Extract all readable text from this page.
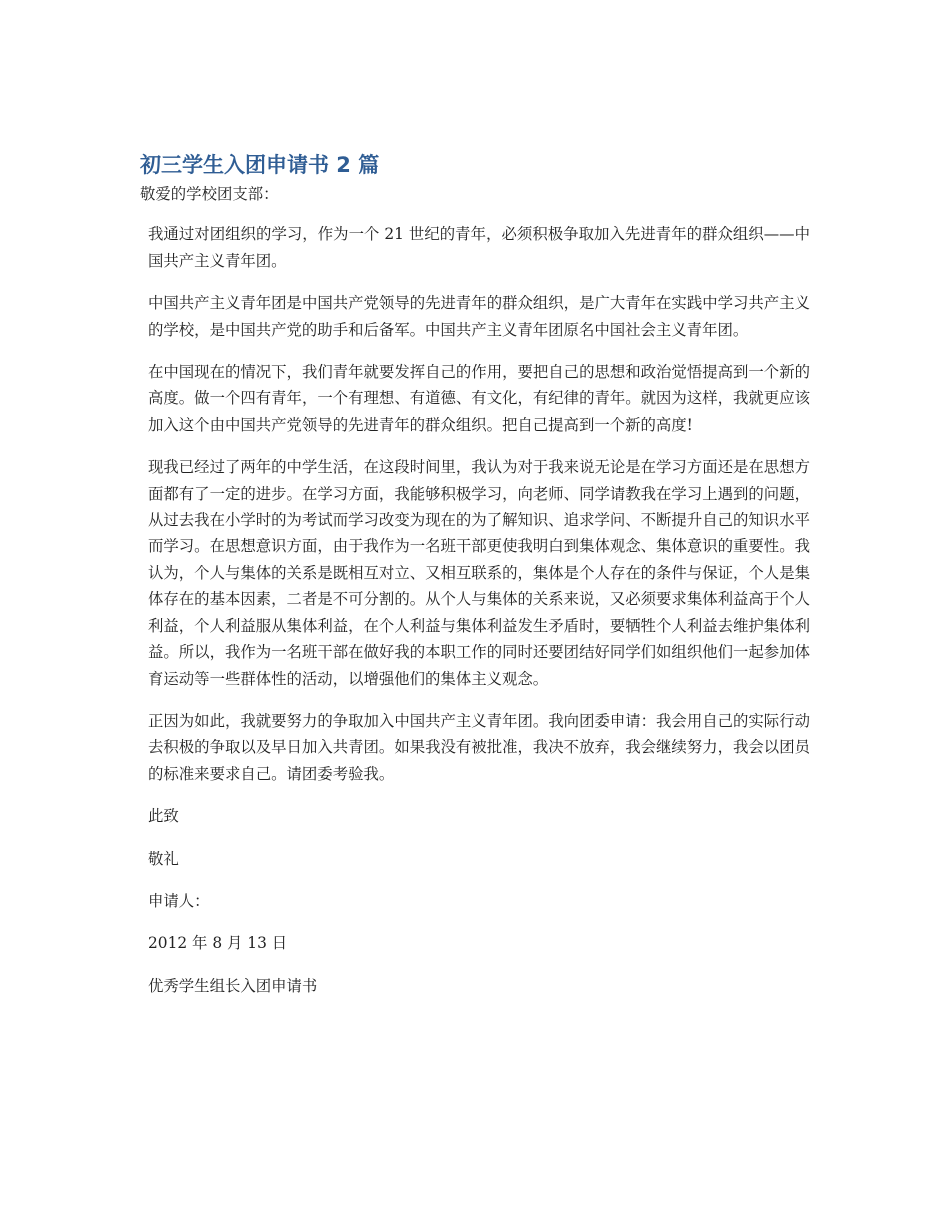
初三学生入团申请书 2 篇

敬爱的学校团支部：

我通过对团组织的学习，作为一个 21 世纪的青年，必须积极争取加入先进青年的群众组织——中国共产主义青年团。

中国共产主义青年团是中国共产党领导的先进青年的群众组织，是广大青年在实践中学习共产主义的学校，是中国共产党的助手和后备军。中国共产主义青年团原名中国社会主义青年团。

在中国现在的情况下，我们青年就要发挥自己的作用，要把自己的思想和政治觉悟提高到一个新的高度。做一个四有青年，一个有理想、有道德、有文化，有纪律的青年。就因为这样，我就更应该加入这个由中国共产党领导的先进青年的群众组织。把自己提高到一个新的高度!

现我已经过了两年的中学生活，在这段时间里，我认为对于我来说无论是在学习方面还是在思想方面都有了一定的进步。在学习方面，我能够积极学习，向老师、同学请教我在学习上遇到的问题，从过去我在小学时的为考试而学习改变为现在的为了解知识、追求学问、不断提升自己的知识水平而学习。在思想意识方面，由于我作为一名班干部更使我明白到集体观念、集体意识的重要性。我认为，个人与集体的关系是既相互对立、又相互联系的，集体是个人存在的条件与保证，个人是集体存在的基本因素，二者是不可分割的。从个人与集体的关系来说，又必须要求集体利益高于个人利益，个人利益服从集体利益，在个人利益与集体利益发生矛盾时，要牺牲个人利益去维护集体利益。所以，我作为一名班干部在做好我的本职工作的同时还要团结好同学们如组织他们一起参加体育运动等一些群体性的活动，以增强他们的集体主义观念。

正因为如此，我就要努力的争取加入中国共产主义青年团。我向团委申请：我会用自己的实际行动去积极的争取以及早日加入共青团。如果我没有被批准，我决不放弃，我会继续努力，我会以团员的标准来要求自己。请团委考验我。

此致

敬礼

申请人：

2012 年 8 月 13 日

优秀学生组长入团申请书
